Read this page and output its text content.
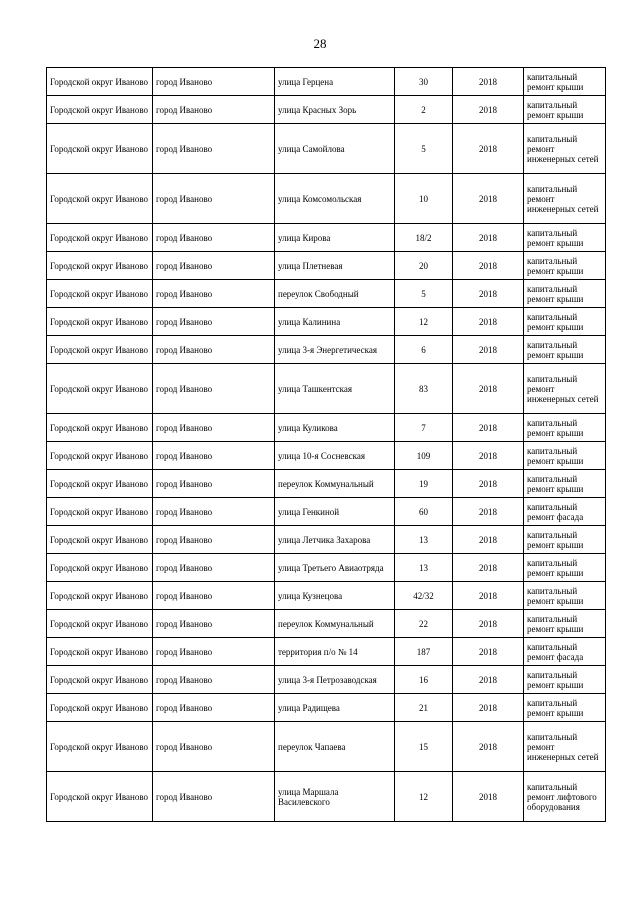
28
Городской округ Иваново	город Иваново	улица Герцена	30	2018	капитальный ремонт крыши
Городской округ Иваново	город Иваново	улица Красных Зорь	2	2018	капитальный ремонт крыши
Городской округ Иваново	город Иваново	улица Самойлова	5	2018	капитальный ремонт инженерных сетей
Городской округ Иваново	город Иваново	улица Комсомольская	10	2018	капитальный ремонт инженерных сетей
Городской округ Иваново	город Иваново	улица Кирова	18/2	2018	капитальный ремонт крыши
Городской округ Иваново	город Иваново	улица Плетневая	20	2018	капитальный ремонт крыши
Городской округ Иваново	город Иваново	переулок Свободный	5	2018	капитальный ремонт крыши
Городской округ Иваново	город Иваново	улица Калинина	12	2018	капитальный ремонт крыши
Городской округ Иваново	город Иваново	улица 3-я Энергетическая	6	2018	капитальный ремонт крыши
Городской округ Иваново	город Иваново	улица Ташкентская	83	2018	капитальный ремонт инженерных сетей
Городской округ Иваново	город Иваново	улица Куликова	7	2018	капитальный ремонт крыши
Городской округ Иваново	город Иваново	улица 10-я Сосневская	109	2018	капитальный ремонт крыши
Городской округ Иваново	город Иваново	переулок Коммунальный	19	2018	капитальный ремонт крыши
Городской округ Иваново	город Иваново	улица Генкиной	60	2018	капитальный ремонт фасада
Городской округ Иваново	город Иваново	улица Летчика Захарова	13	2018	капитальный ремонт крыши
Городской округ Иваново	город Иваново	улица Третьего Авиаотряда	13	2018	капитальный ремонт крыши
Городской округ Иваново	город Иваново	улица Кузнецова	42/32	2018	капитальный ремонт крыши
Городской округ Иваново	город Иваново	переулок Коммунальный	22	2018	капитальный ремонт крыши
Городской округ Иваново	город Иваново	территория п/о № 14	187	2018	капитальный ремонт фасада
Городской округ Иваново	город Иваново	улица 3-я Петрозаводская	16	2018	капитальный ремонт крыши
Городской округ Иваново	город Иваново	улица Радищева	21	2018	капитальный ремонт крыши
Городской округ Иваново	город Иваново	переулок Чапаева	15	2018	капитальный ремонт инженерных сетей
Городской округ Иваново	город Иваново	улица Маршала Василевского	12	2018	капитальный ремонт лифтового оборудования
